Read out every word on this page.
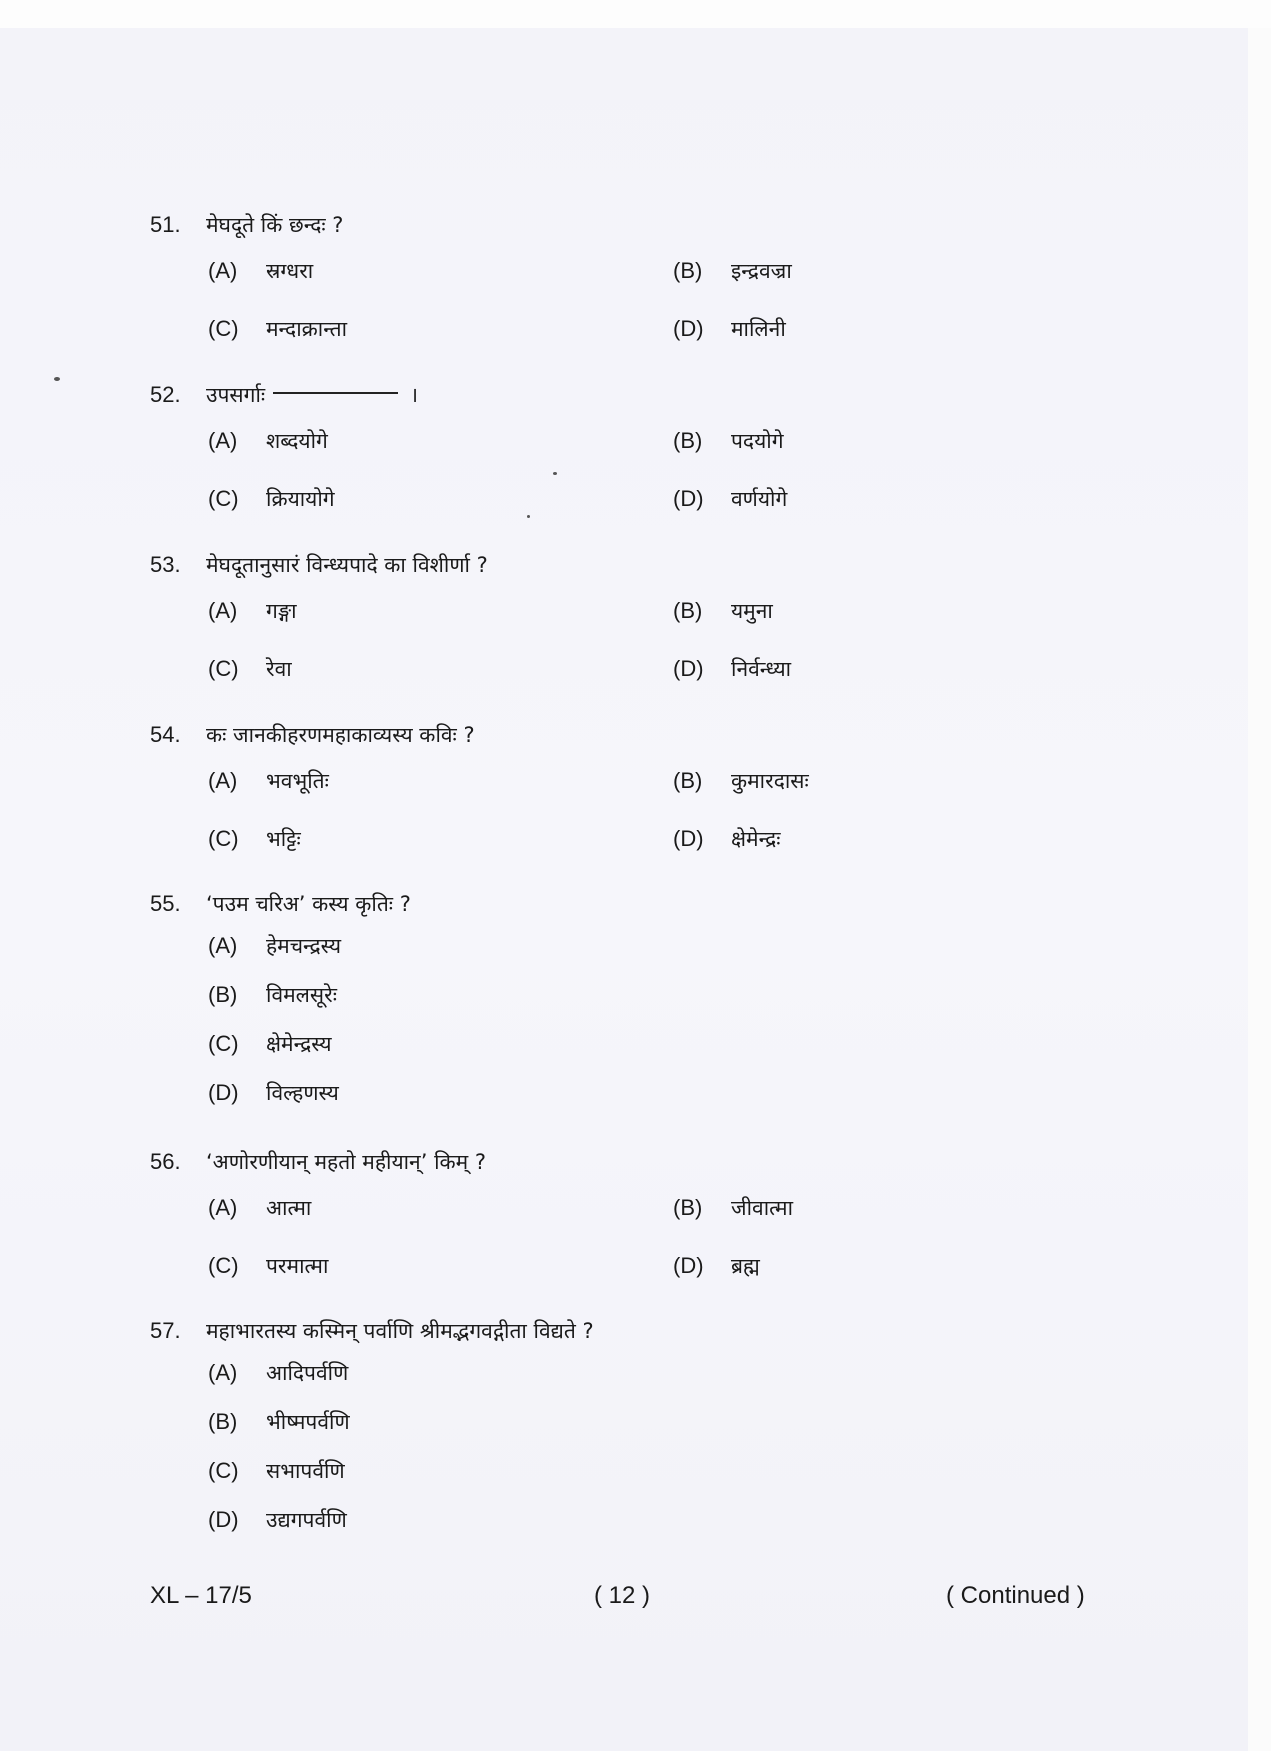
51.	मेघदूते किं छन्दः ?
(A)	स्रग्धरा	(B)	इन्द्रवज्रा
(C)	मन्दाक्रान्ता	(D)	मालिनी
52.	उपसर्गाः	।
(A)	शब्दयोगे	(B)	पदयोगे
(C)	क्रियायोगे	(D)	वर्णयोगे
53.	मेघदूतानुसारं विन्ध्यपादे का विशीर्णा ?
(A)	गङ्गा	(B)	यमुना
(C)	रेवा	(D)	निर्वन्ध्या
54.	कः जानकीहरणमहाकाव्यस्य कविः ?
(A)	भवभूतिः	(B)	कुमारदासः
(C)	भट्टिः	(D)	क्षेमेन्द्रः
55.	‘पउम चरिअ’ कस्य कृतिः ?
(A)	हेमचन्द्रस्य
(B)	विमलसूरेः
(C)	क्षेमेन्द्रस्य
(D)	विल्हणस्य
56.	‘अणोरणीयान् महतो महीयान्’ किम् ?
(A)	आत्मा	(B)	जीवात्मा
(C)	परमात्मा	(D)	ब्रह्म
57.	महाभारतस्य कस्मिन् पर्वाणि श्रीमद्भगवद्गीता विद्यते ?
(A)	आदिपर्वणि
(B)	भीष्मपर्वणि
(C)	सभापर्वणि
(D)	उद्यगपर्वणि
XL – 17/5	( 12 )	( Continued )
